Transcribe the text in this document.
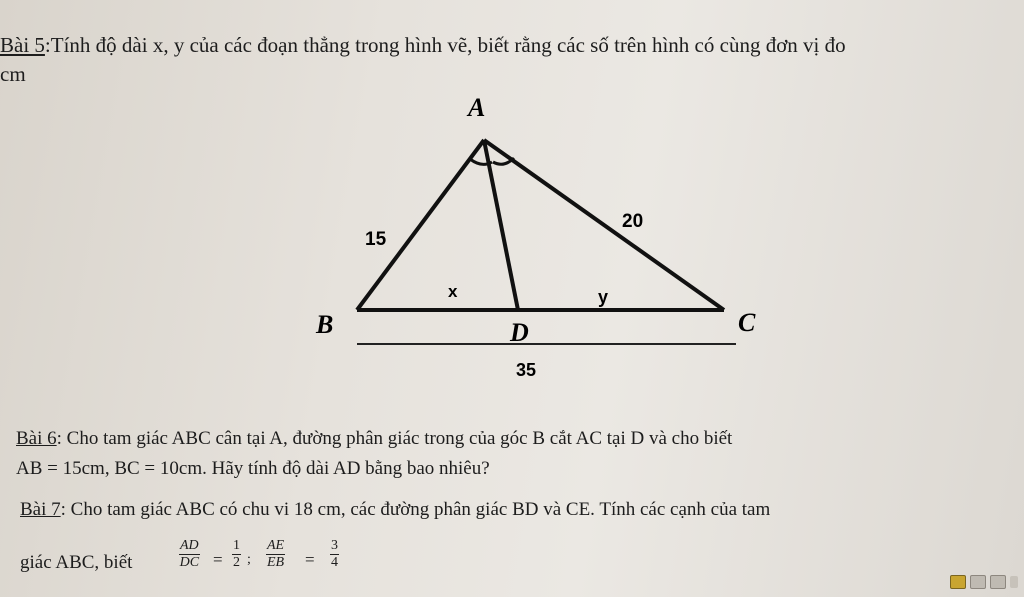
Bài 5:Tính độ dài x, y của các đoạn thẳng trong hình vẽ, biết rằng các số trên hình có cùng đơn vị đo
cm
A
B	C
D
15
20
x	y
35
Bài 6: Cho tam giác ABC cân tại A, đường phân giác trong của góc B cắt AC tại D và cho biết
AB = 15cm, BC = 10cm. Hãy tính độ dài AD bằng bao nhiêu?
Bài 7: Cho tam giác ABC có chu vi 18 cm, các đường phân giác BD và CE. Tính các cạnh của tam
giác ABC, biết	$\frac{AD}{DC} = \frac{1}{2}$ ; $\frac{AE}{EB} = \frac{3}{4}$
